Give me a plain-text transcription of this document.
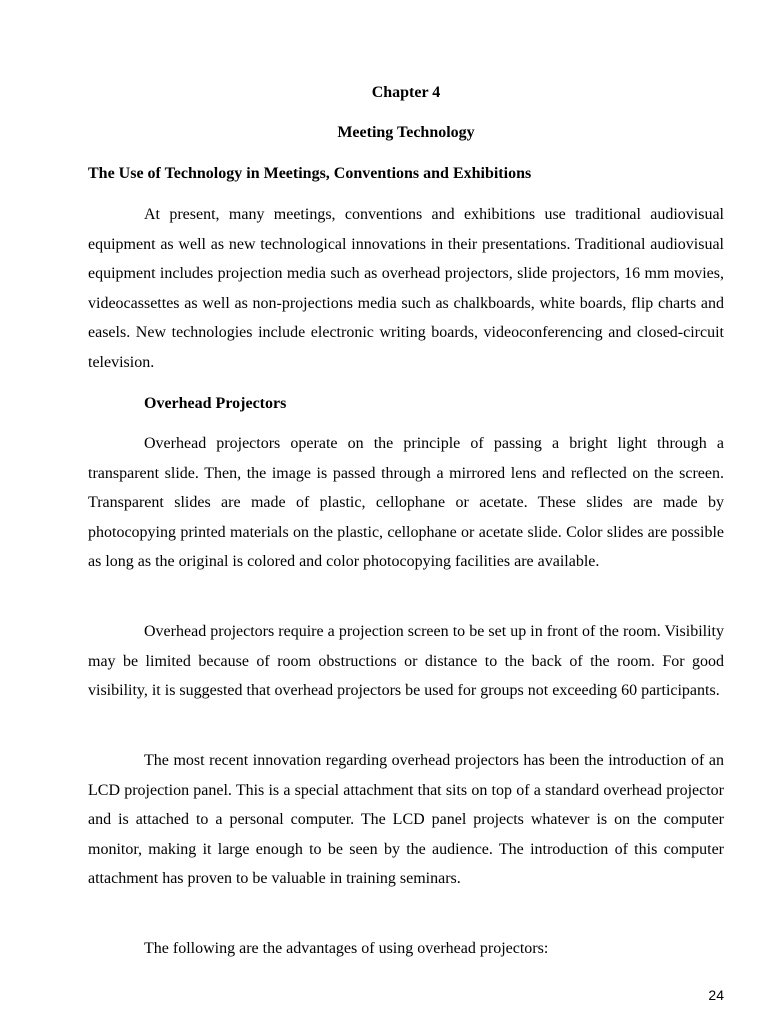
Chapter 4
Meeting Technology
The Use of Technology in Meetings, Conventions and Exhibitions
At present, many meetings, conventions and exhibitions use traditional audiovisual equipment as well as new technological innovations in their presentations. Traditional audiovisual equipment includes projection media such as overhead projectors, slide projectors, 16 mm movies, videocassettes as well as non-projections media such as chalkboards, white boards, flip charts and easels. New technologies include electronic writing boards, videoconferencing and closed-circuit television.
Overhead Projectors
Overhead projectors operate on the principle of passing a bright light through a transparent slide. Then, the image is passed through a mirrored lens and reflected on the screen. Transparent slides are made of plastic, cellophane or acetate. These slides are made by photocopying printed materials on the plastic, cellophane or acetate slide. Color slides are possible as long as the original is colored and color photocopying facilities are available.
Overhead projectors require a projection screen to be set up in front of the room. Visibility may be limited because of room obstructions or distance to the back of the room. For good visibility, it is suggested that overhead projectors be used for groups not exceeding 60 participants.
The most recent innovation regarding overhead projectors has been the introduction of an LCD projection panel. This is a special attachment that sits on top of a standard overhead projector and is attached to a personal computer. The LCD panel projects whatever is on the computer monitor, making it large enough to be seen by the audience. The introduction of this computer attachment has proven to be valuable in training seminars.
The following are the advantages of using overhead projectors:
24
